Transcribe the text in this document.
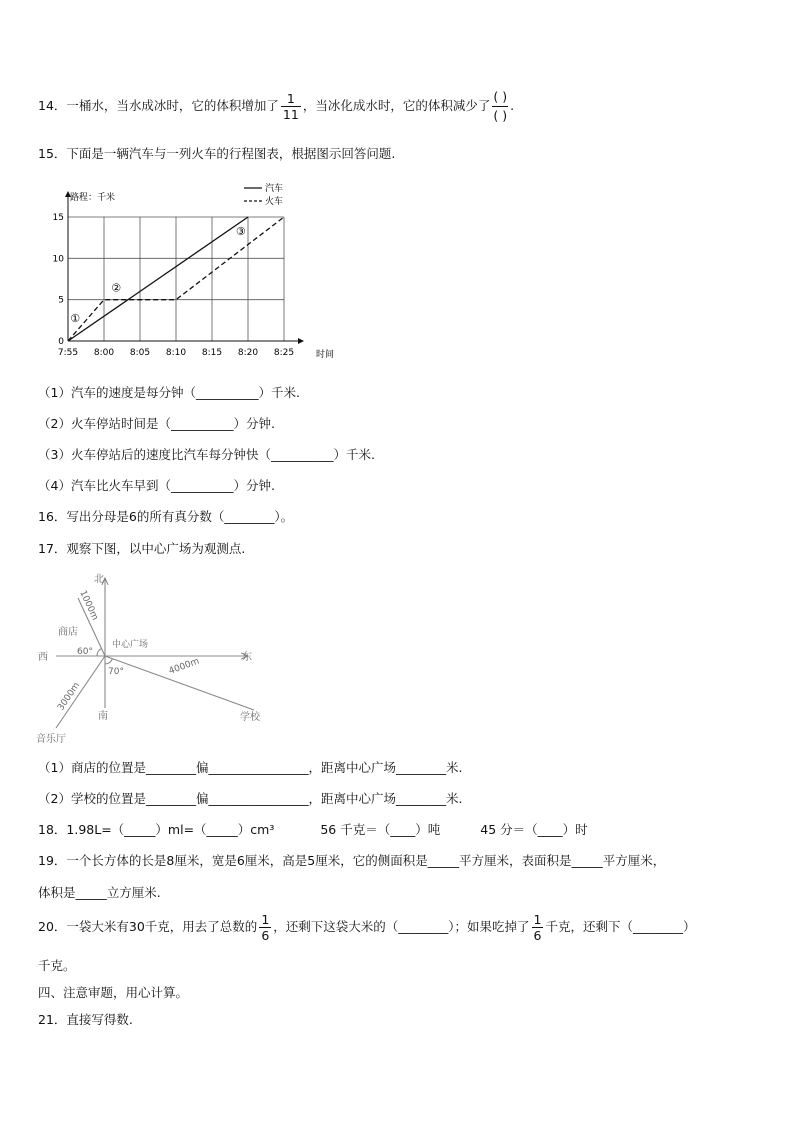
14．一桶水，当水成冰时，它的体积增加了 $\frac{1}{11}$ ，当冰化成水时，它的体积减少了 $\frac{( )}{( )}$ .
15．下面是一辆汽车与一列火车的行程图表，根据图示回答问题.
7:55 8:00 8:05 8:10 8:15 8:20 8:25
0
5
10
15
①
②
③
汽车
火车
路程：千米
时间
（1）汽车的速度是每分钟（__________）千米.
（2）火车停站时间是（__________）分钟.
（3）火车停站后的速度比汽车每分钟快（__________）千米.
（4）汽车比火车早到（__________）分钟.
16．写出分母是6的所有真分数（________）。
17．观察下图，以中心广场为观测点.
北
南
西	东
中心广场
商店
学校
音乐厅
60°
70°
1000m
4000m
3000m
（1）商店的位置是________偏________________，距离中心广场________米.
（2）学校的位置是________偏________________，距离中心广场________米.
18．1.98L=（_____）ml=（_____）cm³	56 千克＝（____）吨	45 分＝（____）时
19．一个长方体的长是8厘米，宽是6厘米，高是5厘米，它的侧面积是_____平方厘米，表面积是_____平方厘米，
体积是_____立方厘米.
20．一袋大米有30千克，用去了总数的 $\frac{1}{6}$ ，还剩下这袋大米的（________）；如果吃掉了 $\frac{1}{6}$ 千克，还剩下（________）
千克。
四、注意审题，用心计算。
21．直接写得数.
